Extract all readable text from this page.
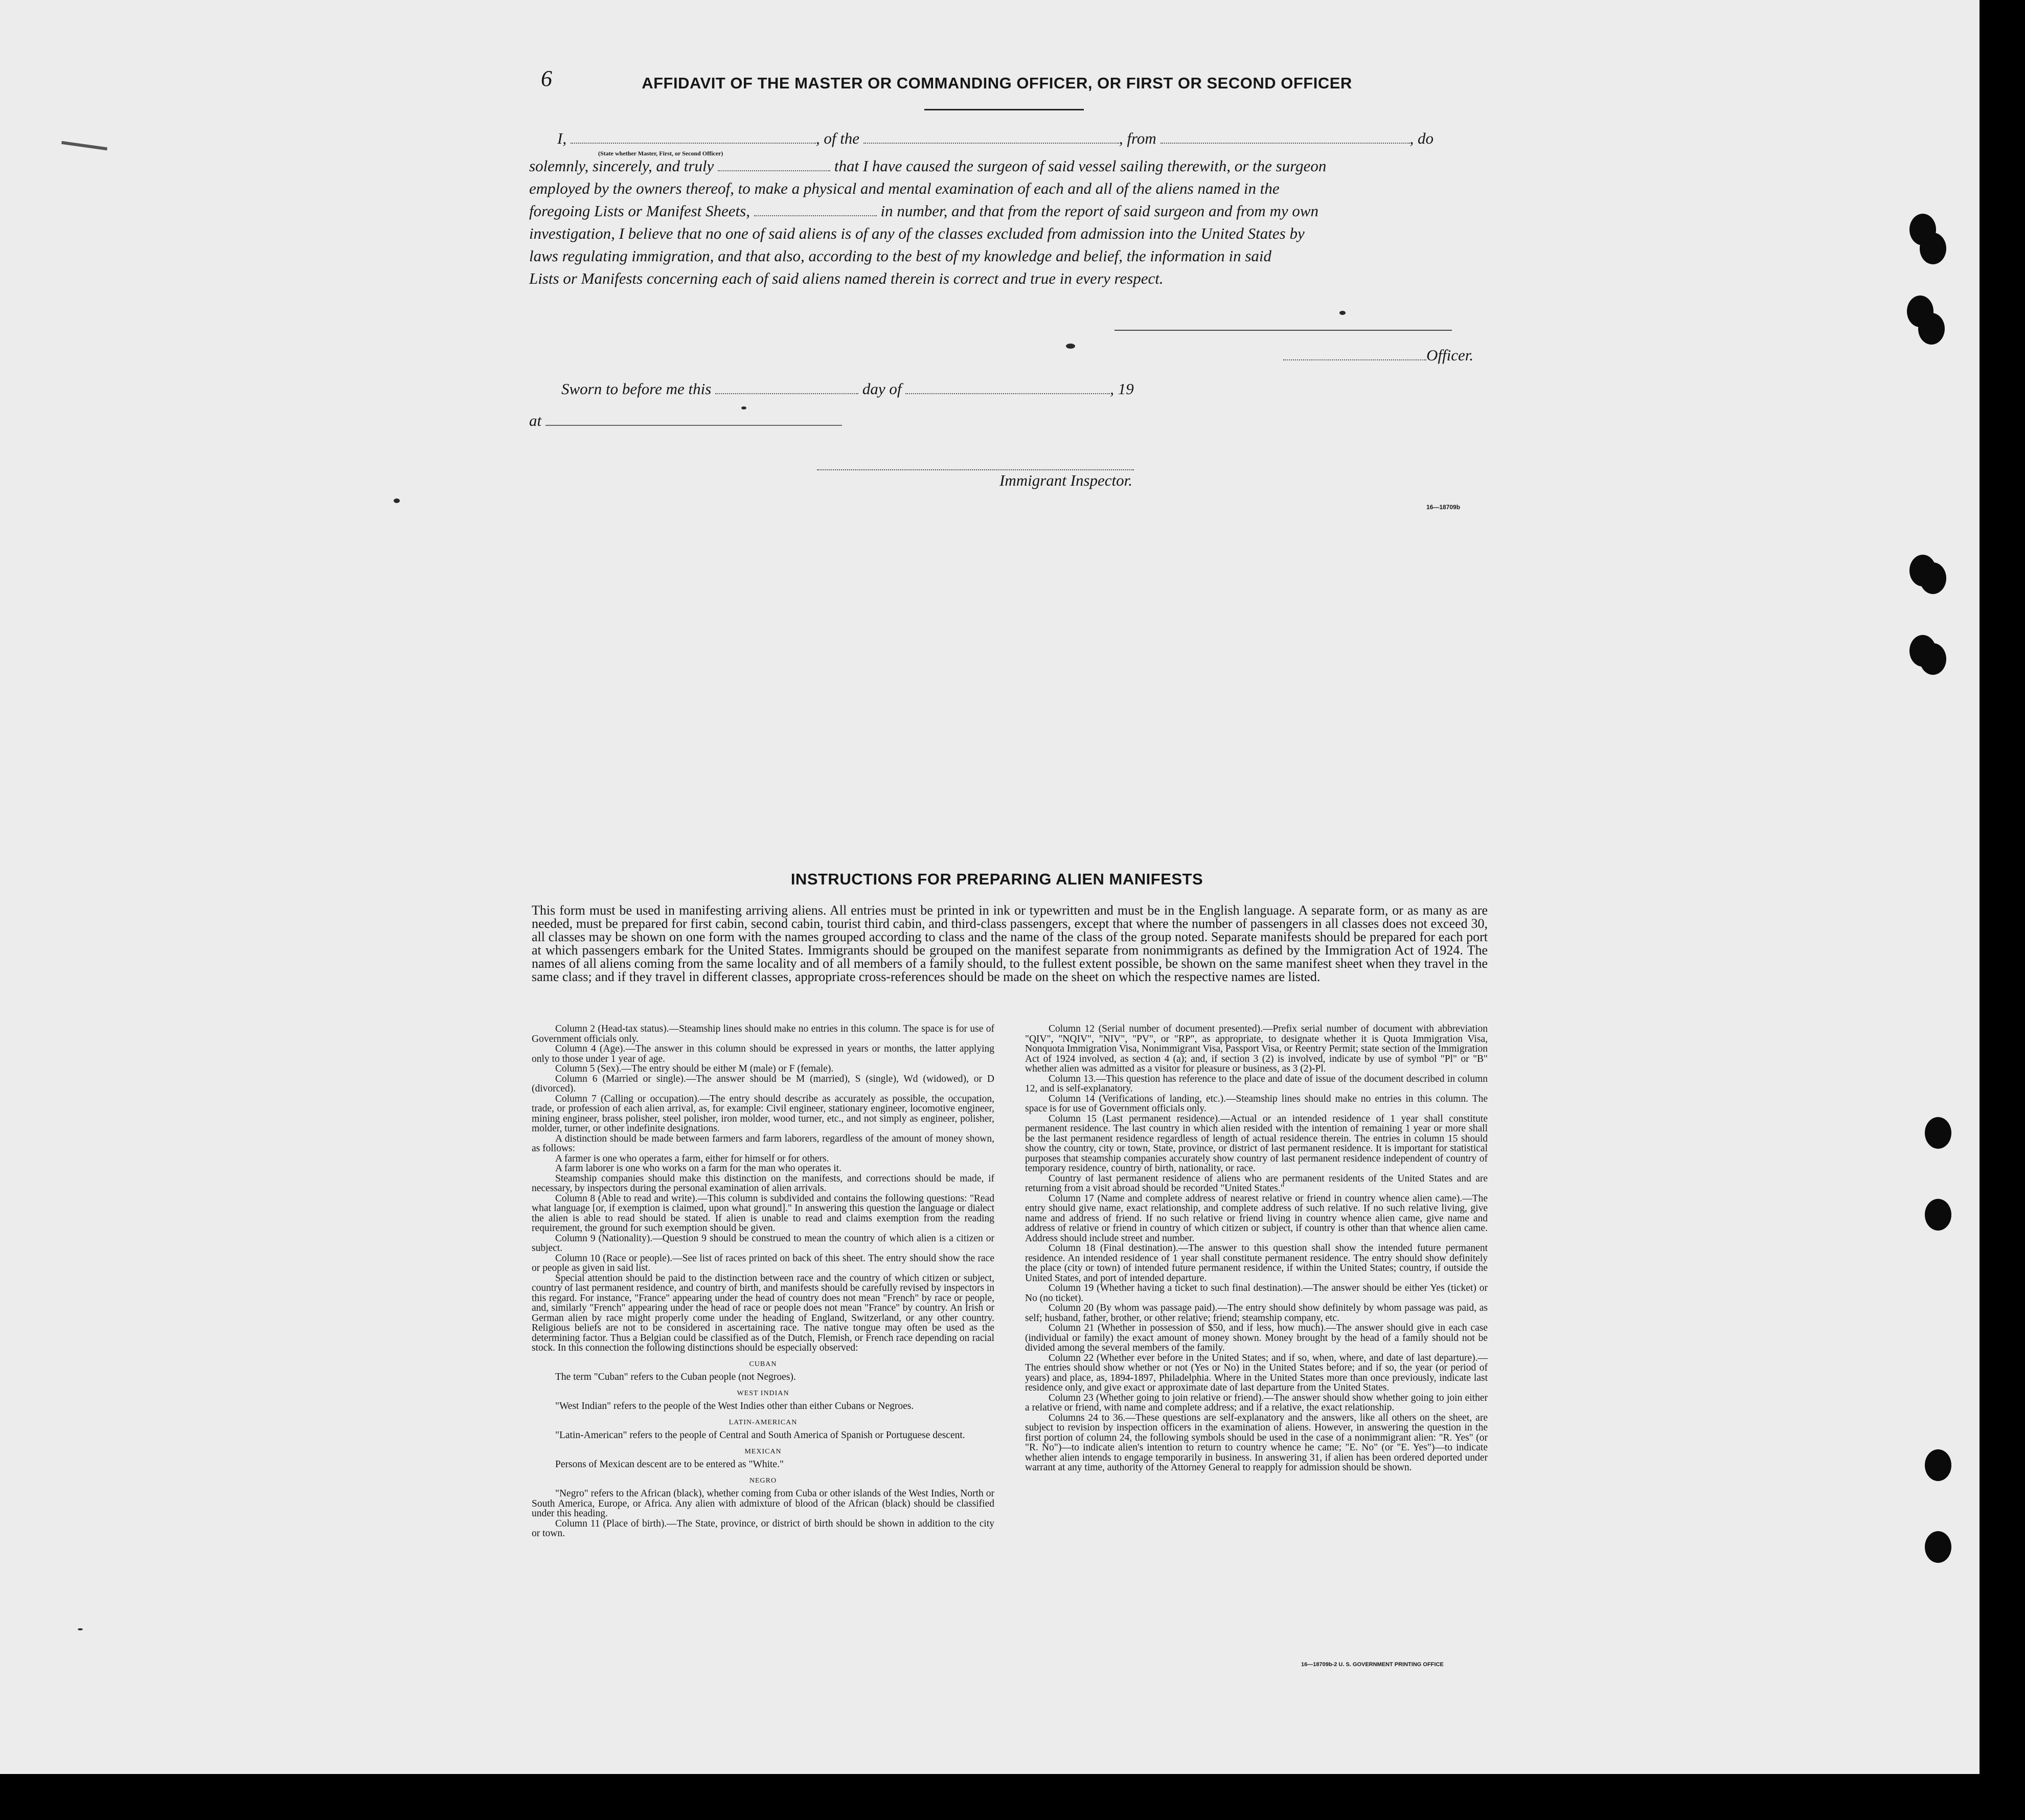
6	AFFIDAVIT OF THE MASTER OR COMMANDING OFFICER, OR FIRST OR SECOND OFFICER
I,	, of the	, from	, do
(State whether Master, First, or Second Officer)
solemnly, sincerely, and truly	that I have caused the surgeon of said vessel sailing therewith, or the surgeon
employed by the owners thereof, to make a physical and mental examination of each and all of the aliens named in the
foregoing Lists or Manifest Sheets,	in number, and that from the report of said surgeon and from my own
investigation, I believe that no one of said aliens is of any of the classes excluded from admission into the United States by
laws regulating immigration, and that also, according to the best of my knowledge and belief, the information in said
Lists or Manifests concerning each of said aliens named therein is correct and true in every respect.
Officer.
Sworn to before me this	day of	, 19
at
Immigrant Inspector.
16—18709b
INSTRUCTIONS FOR PREPARING ALIEN MANIFESTS
This form must be used in manifesting arriving aliens. All entries must be printed in ink or typewritten and must be in the English language. A separate form, or as many as are needed, must be prepared for first cabin, second cabin, tourist third cabin, and third-class passengers, except that where the number of passengers in all classes does not exceed 30, all classes may be shown on one form with the names grouped according to class and the name of the class of the group noted. Separate manifests should be prepared for each port at which passengers embark for the United States. Immigrants should be grouped on the manifest separate from nonimmigrants as defined by the Immigration Act of 1924. The names of all aliens coming from the same locality and of all members of a family should, to the fullest extent possible, be shown on the same manifest sheet when they travel in the same class; and if they travel in different classes, appropriate cross-references should be made on the sheet on which the respective names are listed.

Column 2 (Head-tax status).—Steamship lines should make no entries in this column. The space is for use of Government officials only.

Column 4 (Age).—The answer in this column should be expressed in years or months, the latter applying only to those under 1 year of age.

Column 5 (Sex).—The entry should be either M (male) or F (female).

Column 6 (Married or single).—The answer should be M (married), S (single), Wd (widowed), or D (divorced).

Column 7 (Calling or occupation).—The entry should describe as accurately as possible, the occupation, trade, or profession of each alien arrival, as, for example: Civil engineer, stationary engineer, locomotive engineer, mining engineer, brass polisher, steel polisher, iron molder, wood turner, etc., and not simply as engineer, polisher, molder, turner, or other indefinite designations.

A distinction should be made between farmers and farm laborers, regardless of the amount of money shown, as follows:

A farmer is one who operates a farm, either for himself or for others.

A farm laborer is one who works on a farm for the man who operates it.

Steamship companies should make this distinction on the manifests, and corrections should be made, if necessary, by inspectors during the personal examination of alien arrivals.

Column 8 (Able to read and write).—This column is subdivided and contains the following questions: "Read what language [or, if exemption is claimed, upon what ground]." In answering this question the language or dialect the alien is able to read should be stated. If alien is unable to read and claims exemption from the reading requirement, the ground for such exemption should be given.

Column 9 (Nationality).—Question 9 should be construed to mean the country of which alien is a citizen or subject.

Column 10 (Race or people).—See list of races printed on back of this sheet. The entry should show the race or people as given in said list.

Special attention should be paid to the distinction between race and the country of which citizen or subject, country of last permanent residence, and country of birth, and manifests should be carefully revised by inspectors in this regard. For instance, "France" appearing under the head of country does not mean "French" by race or people, and, similarly "French" appearing under the head of race or people does not mean "France" by country. An Irish or German alien by race might properly come under the heading of England, Switzerland, or any other country. Religious beliefs are not to be considered in ascertaining race. The native tongue may often be used as the determining factor. Thus a Belgian could be classified as of the Dutch, Flemish, or French race depending on racial stock. In this connection the following distinctions should be especially observed:

CUBAN

The term "Cuban" refers to the Cuban people (not Negroes).

WEST INDIAN

"West Indian" refers to the people of the West Indies other than either Cubans or Negroes.

LATIN-AMERICAN

"Latin-American" refers to the people of Central and South America of Spanish or Portuguese descent.

MEXICAN

Persons of Mexican descent are to be entered as "White."

NEGRO

"Negro" refers to the African (black), whether coming from Cuba or other islands of the West Indies, North or South America, Europe, or Africa. Any alien with admixture of blood of the African (black) should be classified under this heading.

Column 11 (Place of birth).—The State, province, or district of birth should be shown in addition to the city or town.

Column 12 (Serial number of document presented).—Prefix serial number of document with abbreviation "QIV", "NQIV", "NIV", "PV", or "RP", as appropriate, to designate whether it is Quota Immigration Visa, Nonquota Immigration Visa, Nonimmigrant Visa, Passport Visa, or Reentry Permit; state section of the Immigration Act of 1924 involved, as section 4 (a); and, if section 3 (2) is involved, indicate by use of symbol "Pl" or "B" whether alien was admitted as a visitor for pleasure or business, as 3 (2)-Pl.

Column 13.—This question has reference to the place and date of issue of the document described in column 12, and is self-explanatory.

Column 14 (Verifications of landing, etc.).—Steamship lines should make no entries in this column. The space is for use of Government officials only.

Column 15 (Last permanent residence).—Actual or an intended residence of 1 year shall constitute permanent residence. The last country in which alien resided with the intention of remaining 1 year or more shall be the last permanent residence regardless of length of actual residence therein. The entries in column 15 should show the country, city or town, State, province, or district of last permanent residence. It is important for statistical purposes that steamship companies accurately show country of last permanent residence independent of country of temporary residence, country of birth, nationality, or race.

Country of last permanent residence of aliens who are permanent residents of the United States and are returning from a visit abroad should be recorded "United States."

Column 17 (Name and complete address of nearest relative or friend in country whence alien came).—The entry should give name, exact relationship, and complete address of such relative. If no such relative living, give name and address of friend. If no such relative or friend living in country whence alien came, give name and address of relative or friend in country of which citizen or subject, if country is other than that whence alien came. Address should include street and number.

Column 18 (Final destination).—The answer to this question shall show the intended future permanent residence. An intended residence of 1 year shall constitute permanent residence. The entry should show definitely the place (city or town) of intended future permanent residence, if within the United States; country, if outside the United States, and port of intended departure.

Column 19 (Whether having a ticket to such final destination).—The answer should be either Yes (ticket) or No (no ticket).

Column 20 (By whom was passage paid).—The entry should show definitely by whom passage was paid, as self; husband, father, brother, or other relative; friend; steamship company, etc.

Column 21 (Whether in possession of $50, and if less, how much).—The answer should give in each case (individual or family) the exact amount of money shown. Money brought by the head of a family should not be divided among the several members of the family.

Column 22 (Whether ever before in the United States; and if so, when, where, and date of last departure).—The entries should show whether or not (Yes or No) in the United States before; and if so, the year (or period of years) and place, as, 1894-1897, Philadelphia. Where in the United States more than once previously, indicate last residence only, and give exact or approximate date of last departure from the United States.

Column 23 (Whether going to join relative or friend).—The answer should show whether going to join either a relative or friend, with name and complete address; and if a relative, the exact relationship.

Columns 24 to 36.—These questions are self-explanatory and the answers, like all others on the sheet, are subject to revision by inspection officers in the examination of aliens. However, in answering the question in the first portion of column 24, the following symbols should be used in the case of a nonimmigrant alien: "R. Yes" (or "R. No")—to indicate alien's intention to return to country whence he came; "E. No" (or "E. Yes")—to indicate whether alien intends to engage temporarily in business. In answering 31, if alien has been ordered deported under warrant at any time, authority of the Attorney General to reapply for admission should be shown.

16—18709b-2 U. S. GOVERNMENT PRINTING OFFICE
